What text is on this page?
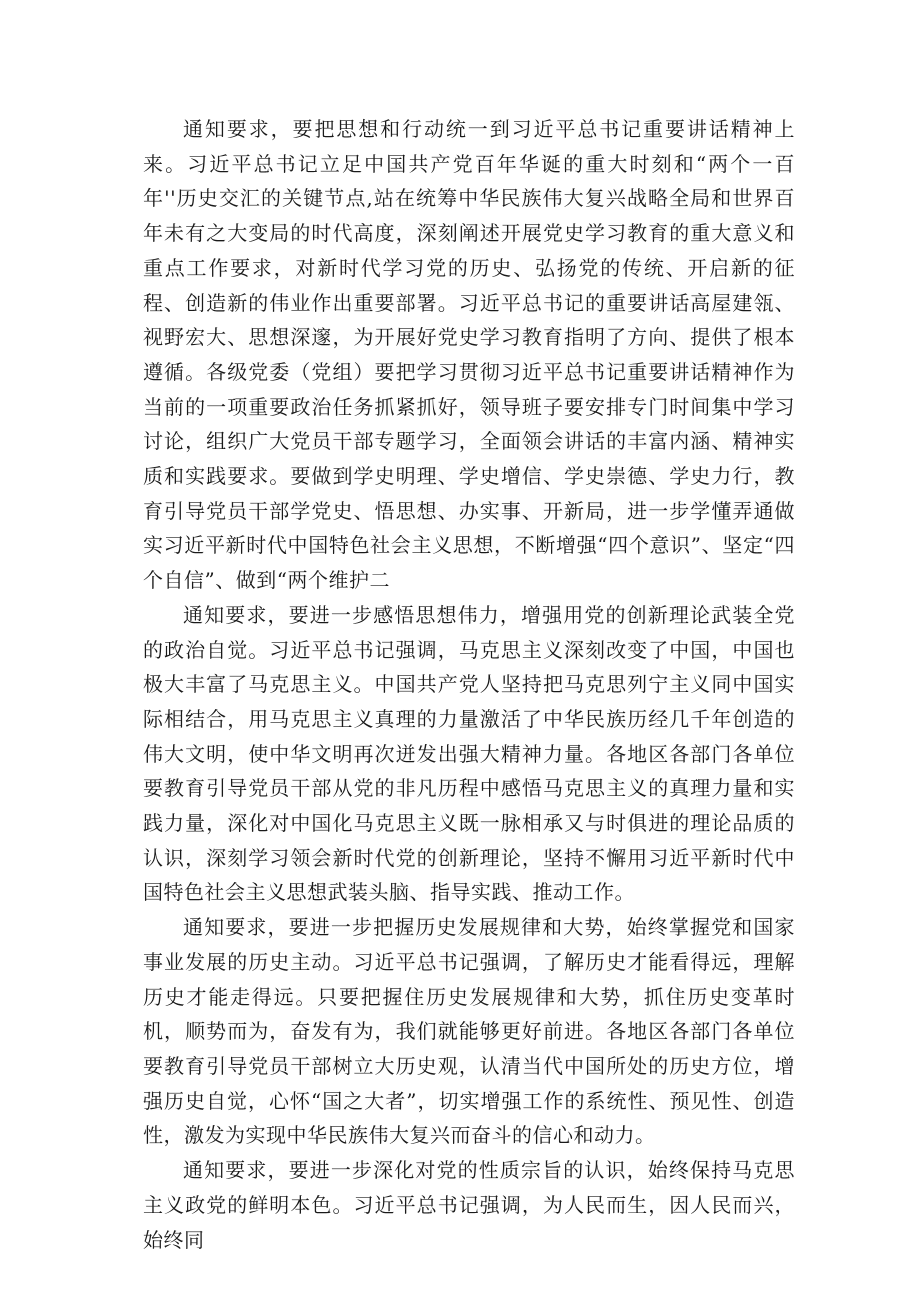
通知要求，要把思想和行动统一到习近平总书记重要讲话精神上来。习近平总书记立足中国共产党百年华诞的重大时刻和“两个一百年''历史交汇的关键节点,站在统筹中华民族伟大复兴战略全局和世界百年未有之大变局的时代高度，深刻阐述开展党史学习教育的重大意义和重点工作要求，对新时代学习党的历史、弘扬党的传统、开启新的征程、创造新的伟业作出重要部署。习近平总书记的重要讲话高屋建瓴、视野宏大、思想深邃，为开展好党史学习教育指明了方向、提供了根本遵循。各级党委（党组）要把学习贯彻习近平总书记重要讲话精神作为当前的一项重要政治任务抓紧抓好，领导班子要安排专门时间集中学习讨论，组织广大党员干部专题学习，全面领会讲话的丰富内涵、精神实质和实践要求。要做到学史明理、学史增信、学史崇德、学史力行，教育引导党员干部学党史、悟思想、办实事、开新局，进一步学懂弄通做实习近平新时代中国特色社会主义思想，不断增强“四个意识”、坚定“四个自信”、做到“两个维护二

通知要求，要进一步感悟思想伟力，增强用党的创新理论武装全党的政治自觉。习近平总书记强调，马克思主义深刻改变了中国，中国也极大丰富了马克思主义。中国共产党人坚持把马克思列宁主义同中国实际相结合，用马克思主义真理的力量激活了中华民族历经几千年创造的伟大文明，使中华文明再次迸发出强大精神力量。各地区各部门各单位要教育引导党员干部从党的非凡历程中感悟马克思主义的真理力量和实践力量，深化对中国化马克思主义既一脉相承又与时俱进的理论品质的认识，深刻学习领会新时代党的创新理论，坚持不懈用习近平新时代中国特色社会主义思想武装头脑、指导实践、推动工作。

通知要求，要进一步把握历史发展规律和大势，始终掌握党和国家事业发展的历史主动。习近平总书记强调，了解历史才能看得远，理解历史才能走得远。只要把握住历史发展规律和大势，抓住历史变革时机，顺势而为，奋发有为，我们就能够更好前进。各地区各部门各单位要教育引导党员干部树立大历史观，认清当代中国所处的历史方位，增强历史自觉，心怀“国之大者”，切实增强工作的系统性、预见性、创造性，激发为实现中华民族伟大复兴而奋斗的信心和动力。

通知要求，要进一步深化对党的性质宗旨的认识，始终保持马克思主义政党的鲜明本色。习近平总书记强调，为人民而生，因人民而兴，始终同
